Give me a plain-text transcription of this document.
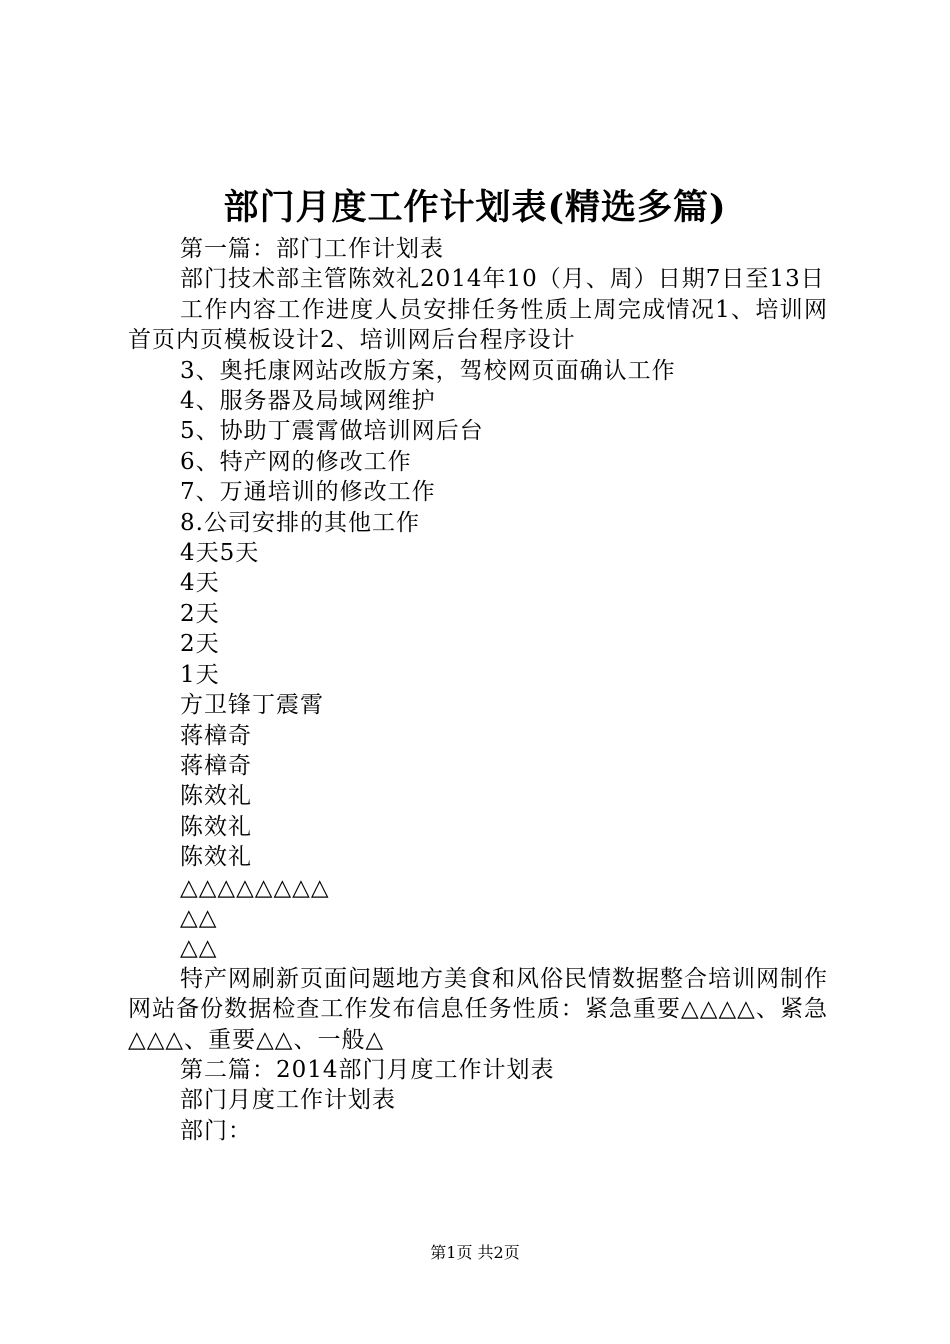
部门月度工作计划表(精选多篇)

第一篇：部门工作计划表

部门技术部主管陈效礼2014年10（月、周）日期7日至13日

工作内容工作进度人员安排任务性质上周完成情况1、培训网首页内页模板设计2、培训网后台程序设计

3、奥托康网站改版方案，驾校网页面确认工作

4、服务器及局域网维护

5、协助丁震霄做培训网后台

6、特产网的修改工作

7、万通培训的修改工作

8.公司安排的其他工作

4天5天

4天

2天

2天

1天

方卫锋丁震霄

蒋樟奇

蒋樟奇

陈效礼

陈效礼

陈效礼

△△△△△△△△

△△

△△

特产网刷新页面问题地方美食和风俗民情数据整合培训网制作网站备份数据检查工作发布信息任务性质：紧急重要△△△△、紧急△△△、重要△△、一般△

第二篇：2014部门月度工作计划表

部门月度工作计划表

部门：

第1页 共2页
